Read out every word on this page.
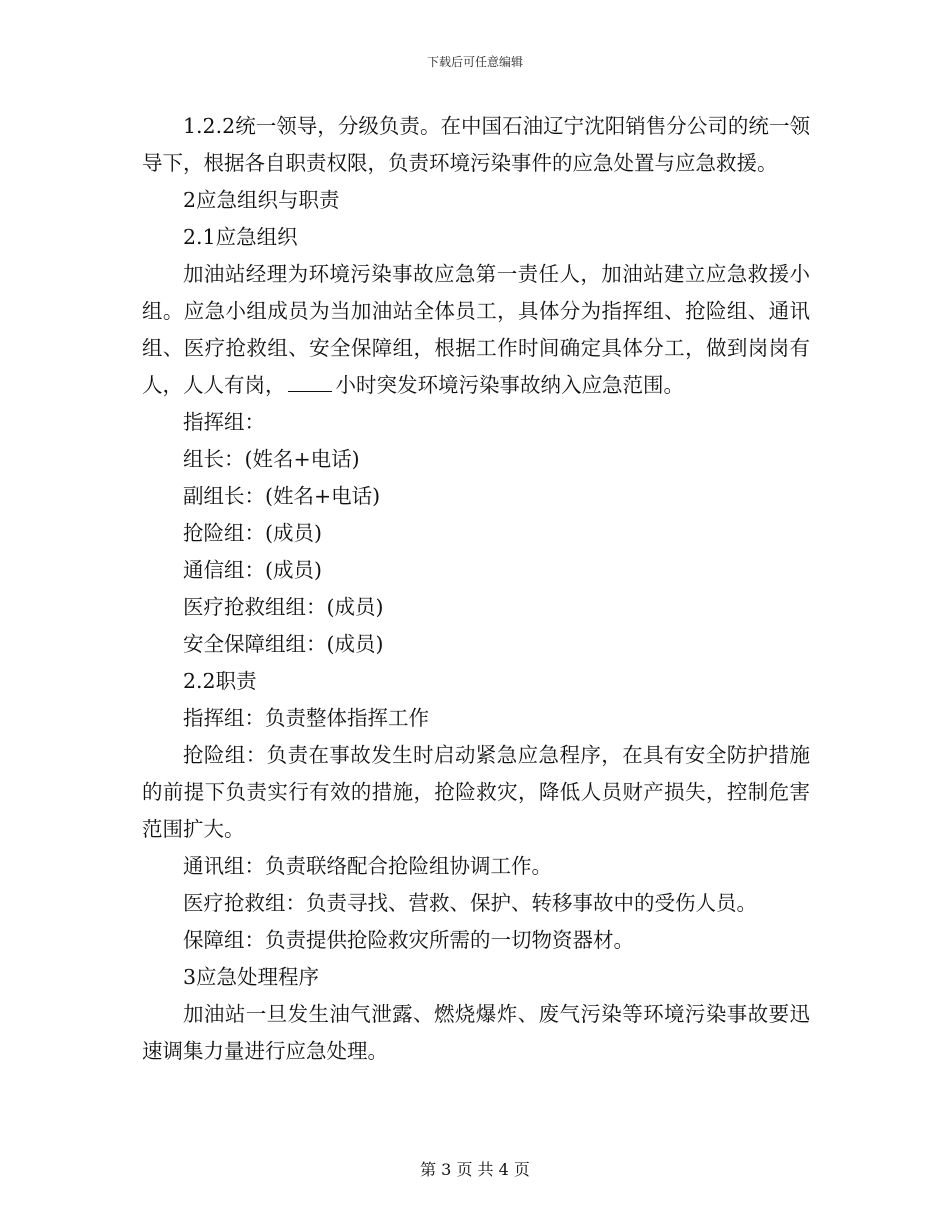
下载后可任意编辑

1.2.2统一领导，分级负责。在中国石油辽宁沈阳销售分公司的统一领导下，根据各自职责权限，负责环境污染事件的应急处置与应急救援。

2应急组织与职责

2.1应急组织

加油站经理为环境污染事故应急第一责任人，加油站建立应急救援小组。应急小组成员为当加油站全体员工，具体分为指挥组、抢险组、通讯组、医疗抢救组、安全保障组，根据工作时间确定具体分工，做到岗岗有人，人人有岗， 小时突发环境污染事故纳入应急范围。

指挥组：

组长：(姓名+电话)

副组长：(姓名+电话)

抢险组：(成员)

通信组：(成员)

医疗抢救组组：(成员)

安全保障组组：(成员)

2.2职责

指挥组：负责整体指挥工作

抢险组：负责在事故发生时启动紧急应急程序，在具有安全防护措施的前提下负责实行有效的措施，抢险救灾，降低人员财产损失，控制危害范围扩大。

通讯组：负责联络配合抢险组协调工作。

医疗抢救组：负责寻找、营救、保护、转移事故中的受伤人员。

保障组：负责提供抢险救灾所需的一切物资器材。

3应急处理程序

加油站一旦发生油气泄露、燃烧爆炸、废气污染等环境污染事故要迅速调集力量进行应急处理。

第 3 页 共 4 页
